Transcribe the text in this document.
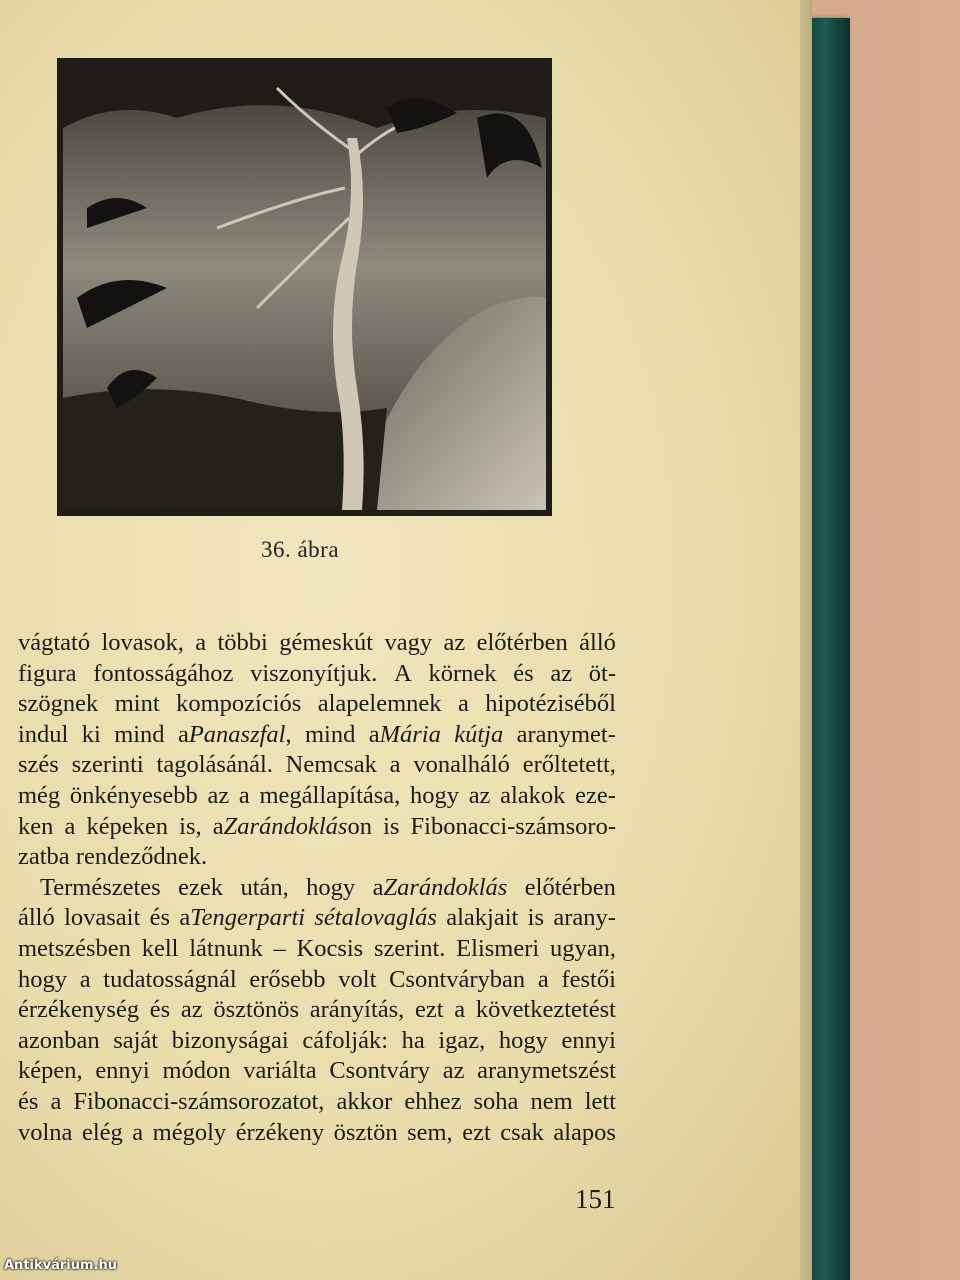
36. ábra
vágtató lovasok, a többi gémeskút vagy az előtérben álló
figura fontosságához viszonyítjuk. A körnek és az öt-
szögnek mint kompozíciós alapelemnek a hipotéziséből
indul ki mind aPanaszfal, mind aMária kútja aranymet-
szés szerinti tagolásánál. Nemcsak a vonalháló erőltetett,
még önkényesebb az a megállapítása, hogy az alakok eze-
ken a képeken is, aZarándokláson is Fibonacci-számsoro-
zatba
rendeződnek.

Természetes ezek után, hogy aZarándoklás előtérben
álló lovasait és aTengerparti sétalovaglás alakjait is arany-
metszésben kell látnunk – Kocsis szerint. Elismeri ugyan,
hogy a tudatosságnál erősebb volt Csontváryban a festői
érzékenység és az ösztönös arányítás, ezt a következtetést
azonban saját bizonyságai cáfolják: ha igaz, hogy ennyi
képen, ennyi módon variálta Csontváry az aranymetszést
és a Fibonacci-számsorozatot, akkor ehhez soha nem lett
volna elég a mégoly érzékeny ösztön sem, ezt csak alapos
151
Antikvárium.hu
